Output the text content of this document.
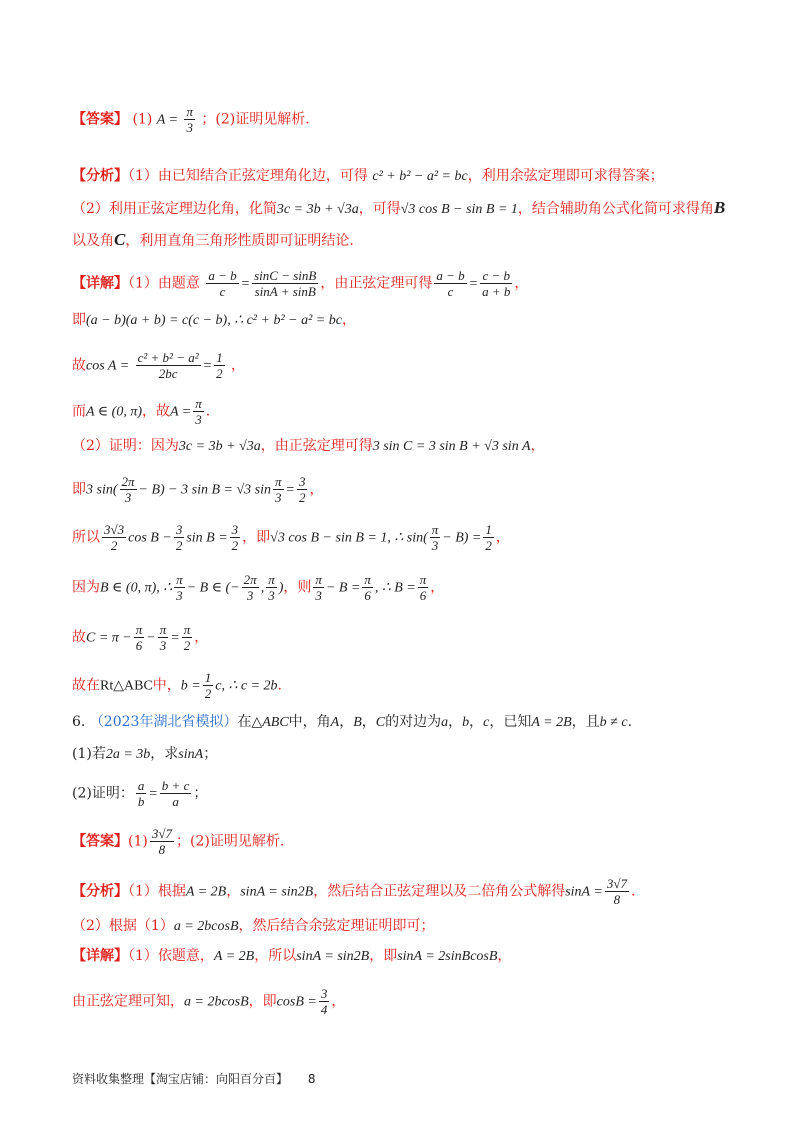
【答案】 (1) $A = \frac{\pi}{3}$ ；(2)证明见解析.
【分析】（1）由已知结合正弦定理角化边，可得 c² + b² − a² = bc，利用余弦定理即可求得答案；
（2）利用正弦定理边化角，化简3c = 3b + √3a，可得√3 cos B − sin B = 1，结合辅助角公式化简可求得角B
以及角C，利用直角三角形性质即可证明结论.
【详解】（1）由题意 $\frac{a - b}{c} = \frac{\sin C - \sin B}{\sin A + \sin B}$ ，由正弦定理可得 $\frac{a - b}{c} = \frac{c - b}{a + b}$ ，
即(a − b)(a + b) = c(c − b), ∴ c² + b² − a² = bc，
故$\cos A = \frac{\text{c² + b² − a²}}{2bc} = \frac{1}{2}$ ，
而A ∈ (0, π)，故$A = \frac{\pi}{3}$ .
（2）证明：因为3c = 3b + √3a，由正弦定理可得3 sin C = 3 sin B + √3 sin A，
即3 $\sin( \frac{2\pi}{3} - B) - 3$ sin B = √3 $\sin \frac{\pi}{3} = \frac{3}{2}$ ，
所以 $\frac{3√3}{2}$ $\cos B - \frac{3}{2}$ $\sin B = \frac{3}{2}$ ，即√3 cos B − sin B = 1, ∴ $\sin( \frac{\pi}{3} - B) = \frac{1}{2}$ ，
因为B ∈ (0, π), ∴ $\frac{\pi}{3} - B$ ∈ (− $\frac{2\pi}{3}$ , $\frac{\pi}{3}$ )，则 $\frac{\pi}{3} - B = \frac{\pi}{6}$ , ∴ $B = \frac{\pi}{6}$ ，
故$C = \pi - \frac{\pi}{6} - \frac{\pi}{3} = \frac{\pi}{2}$ ，
故在Rt△ABC中，$b = \frac{1}{2} c$, ∴ c = 2b.
6. （2023年湖北省模拟）在△ABC中，角A，B，C的对边为a，b，c，已知A = 2B，且b ≠ c.
(1)若2a = 3b，求sinA；
(2)证明： $\frac{a}{b} = \frac{b + c}{a}$ ；
【答案】$(1) \frac{3√7}{8}$ ；(2)证明见解析.
【分析】（1）根据A = 2B，sinA = sin2B，然后结合正弦定理以及二倍角公式解得$\sin A = \frac{3√7}{8}$ .
（2）根据（1）a = 2bcosB，然后结合余弦定理证明即可；
【详解】（1）依题意，A = 2B，所以sinA = sin2B，即sinA = 2sinBcosB，
由正弦定理可知，a = 2bcosB，即$\cos B = \frac{3}{4}$ ，
资料收集整理【淘宝店铺：向阳百分百】 8
